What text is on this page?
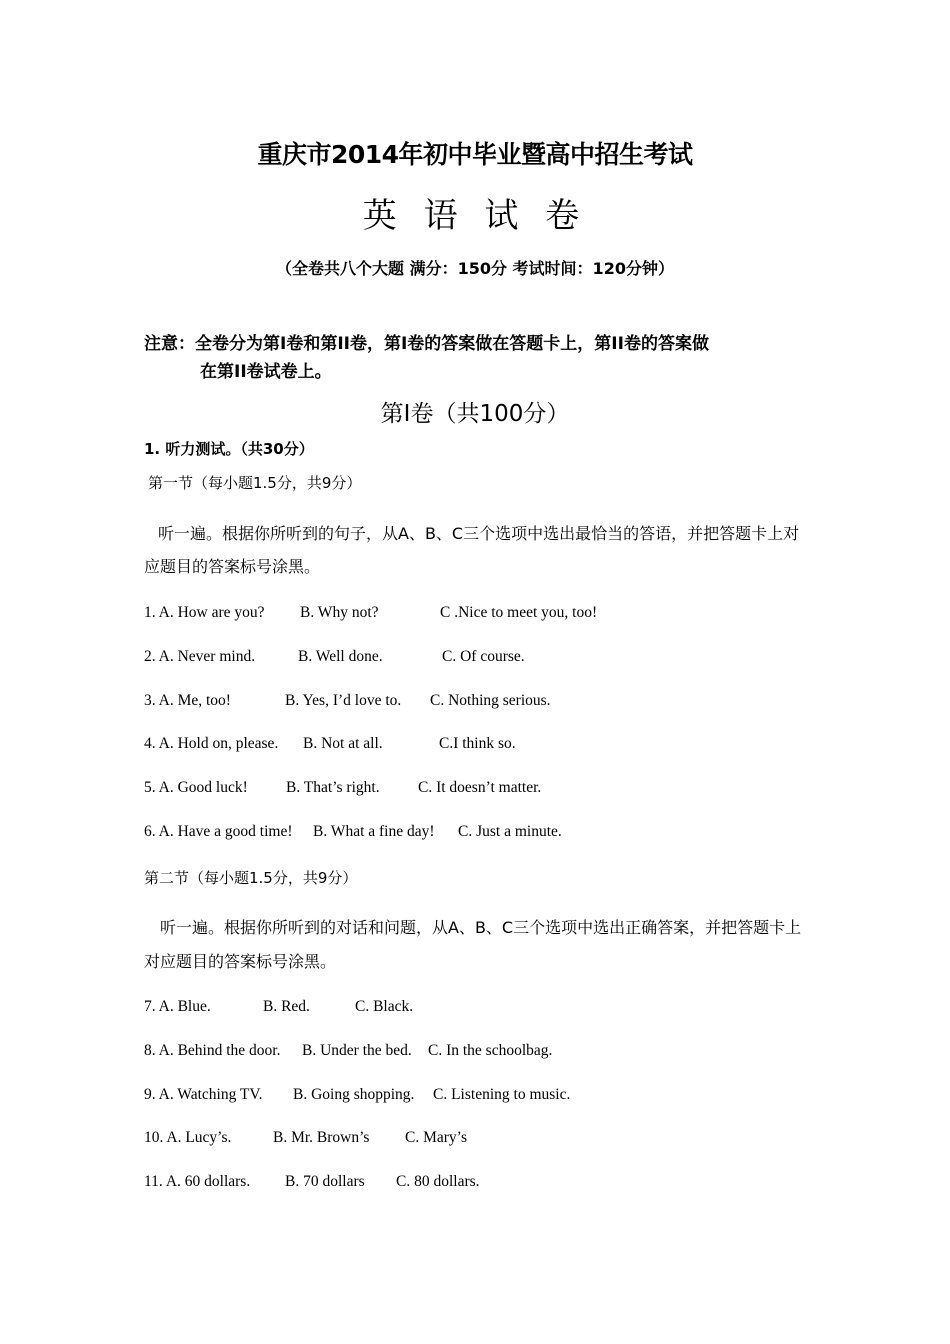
重庆市2014年初中毕业暨高中招生考试
英 语 试 卷
（全卷共八个大题 满分：150分 考试时间：120分钟）
注意：全卷分为第I卷和第II卷，第I卷的答案做在答题卡上，第II卷的答案做
在第II卷试卷上。
第I卷（共100分）
1. 听力测试。（共30分）
第一节（每小题1.5分，共9分）
听一遍。根据你所听到的句子，从A、B、C三个选项中选出最恰当的答语，并把答题卡上对
应题目的答案标号涂黑。
1. A. How are you? B. Why not?	C .Nice to meet you, too!
2. A. Never mind.	B. Well done.	C. Of course.
3. A. Me, too!	B. Yes, I’d love to. C. Nothing serious.
4. A. Hold on, please. B. Not at all.	C.I think so.
5. A. Good luck! B. That’s right. C. It doesn’t matter.
6. A. Have a good time! B. What a fine day! C. Just a minute.
第二节（每小题1.5分，共9分）
听一遍。根据你所听到的对话和问题，从A、B、C三个选项中选出正确答案，并把答题卡上
对应题目的答案标号涂黑。
7. A. Blue.	B. Red.	C. Black.
8. A. Behind the door. B. Under the bed. C. In the schoolbag.
9. A. Watching TV. B. Going shopping. C. Listening to music.
10. A. Lucy’s.	B. Mr. Brown’s C. Mary’s
11. A. 60 dollars. B. 70 dollars C. 80 dollars.
